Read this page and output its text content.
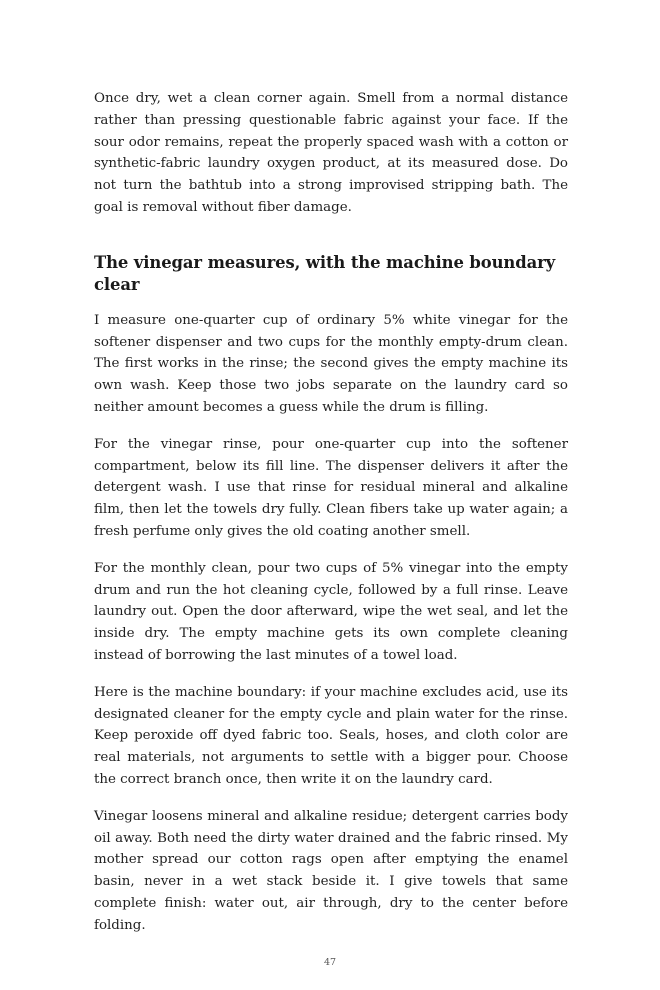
Once dry, wet a clean corner again. Smell from a normal distance rather than pressing questionable fabric against your face. If the sour odor remains, repeat the properly spaced wash with a cotton or synthetic-fabric laundry oxygen product, at its measured dose. Do not turn the bathtub into a strong improvised stripping bath. The goal is removal without fiber damage.

The vinegar measures, with the machine boundary clear

I measure one-quarter cup of ordinary 5% white vinegar for the softener dispenser and two cups for the monthly empty-drum clean. The first works in the rinse; the second gives the empty machine its own wash. Keep those two jobs separate on the laundry card so neither amount becomes a guess while the drum is filling.

For the vinegar rinse, pour one-quarter cup into the softener compartment, below its fill line. The dispenser delivers it after the detergent wash. I use that rinse for residual mineral and alkaline film, then let the towels dry fully. Clean fibers take up water again; a fresh perfume only gives the old coating another smell.

For the monthly clean, pour two cups of 5% vinegar into the empty drum and run the hot cleaning cycle, followed by a full rinse. Leave laundry out. Open the door afterward, wipe the wet seal, and let the inside dry. The empty machine gets its own complete cleaning instead of borrowing the last minutes of a towel load.

Here is the machine boundary: if your machine excludes acid, use its designated cleaner for the empty cycle and plain water for the rinse. Keep peroxide off dyed fabric too. Seals, hoses, and cloth color are real materials, not arguments to settle with a bigger pour. Choose the correct branch once, then write it on the laundry card.

Vinegar loosens mineral and alkaline residue; detergent carries body oil away. Both need the dirty water drained and the fabric rinsed. My mother spread our cotton rags open after emptying the enamel basin, never in a wet stack beside it. I give towels that same complete finish: water out, air through, dry to the center before folding.

47
